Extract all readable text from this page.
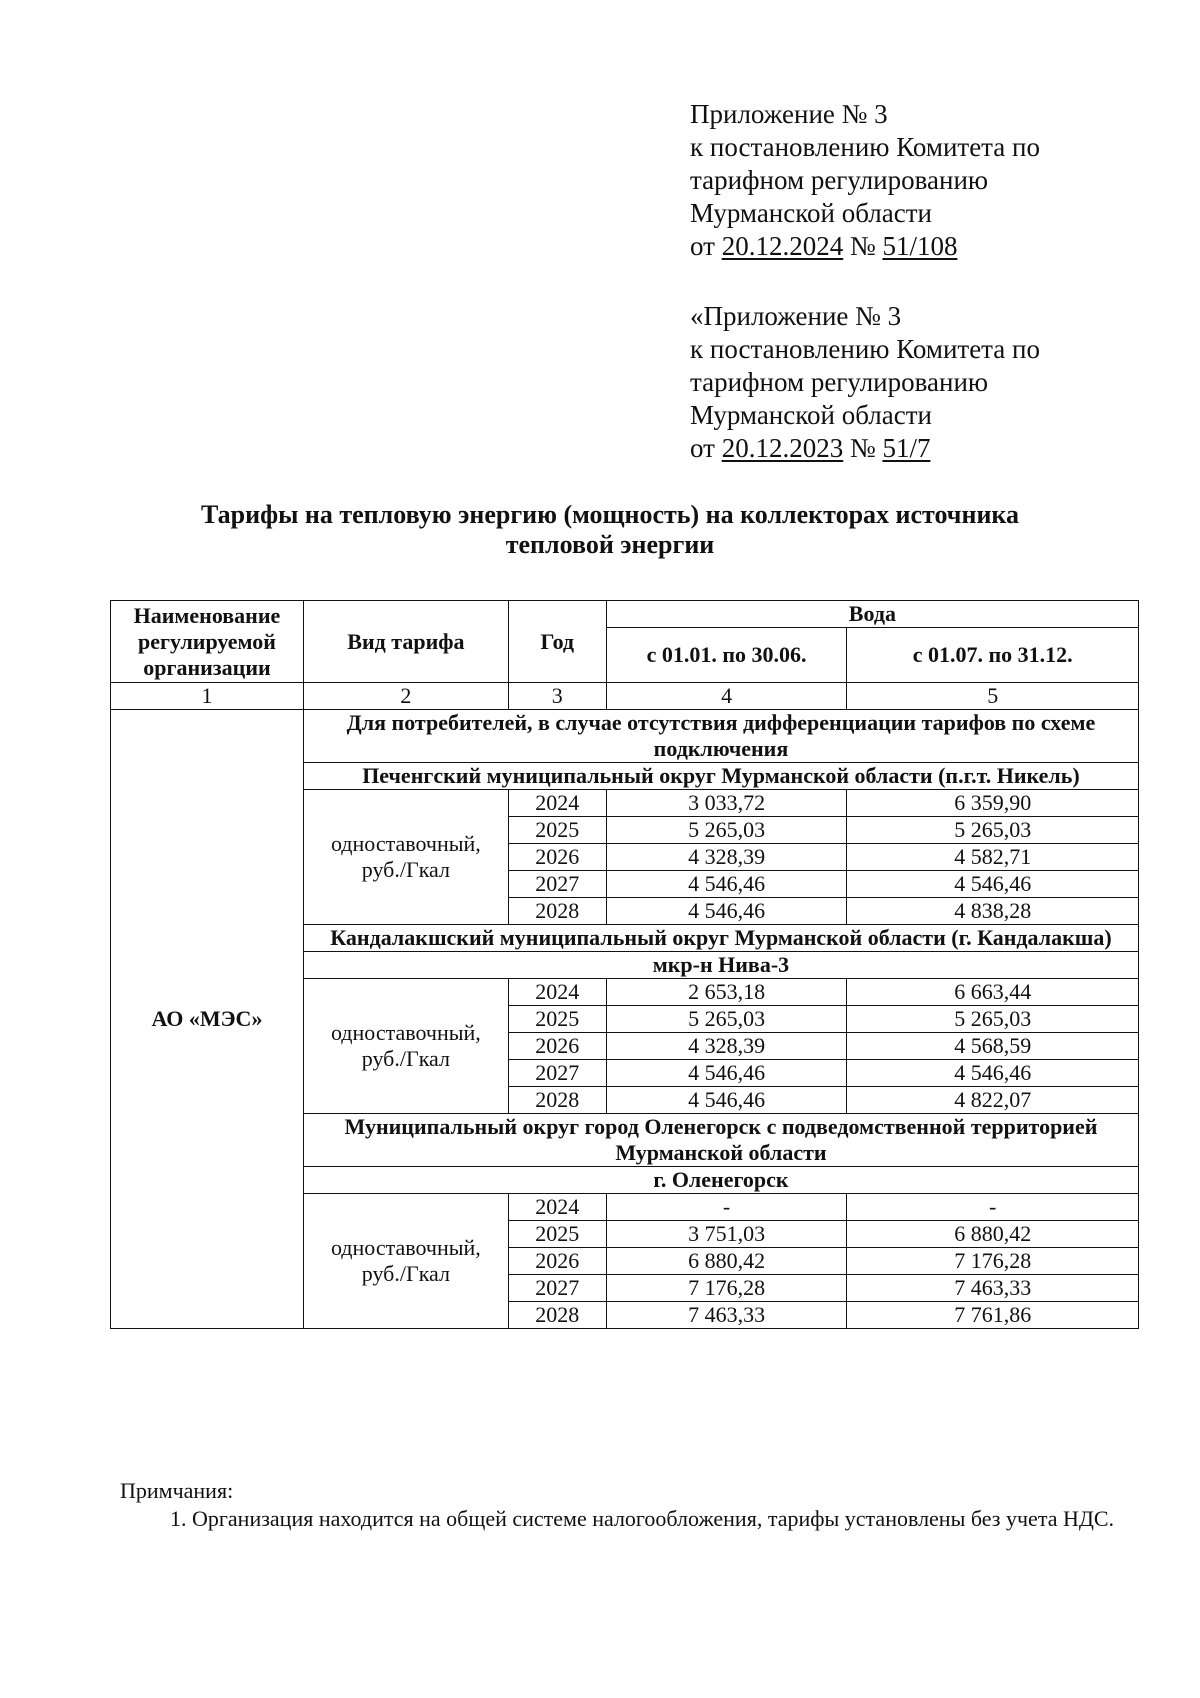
Приложение № 3
к постановлению Комитета по
тарифном регулированию
Мурманской области
от 20.12.2024 № 51/108
«Приложение № 3
к постановлению Комитета по
тарифном регулированию
Мурманской области
от 20.12.2023 № 51/7
Тарифы на тепловую энергию (мощность) на коллекторах источника
тепловой энергии
Наименование регулируемой организации	Вид тарифа	Год	Вода	
			с 01.01. по 30.06.	с 01.07. по 31.12.
1	2	3	4	5
АО «МЭС»	Для потребителей, в случае отсутствия дифференциации тарифов по схеме подключения			
	Печенгский муниципальный округ Мурманской области (п.г.т. Никель)			
	одноставочный, руб./Гкал	2024	3 033,72	6 359,90
		2025	5 265,03	5 265,03
		2026	4 328,39	4 582,71
		2027	4 546,46	4 546,46
		2028	4 546,46	4 838,28
	Кандалакшский муниципальный округ Мурманской области (г. Кандалакша)			
	мкр-н Нива-3			
	одноставочный, руб./Гкал	2024	2 653,18	6 663,44
		2025	5 265,03	5 265,03
		2026	4 328,39	4 568,59
		2027	4 546,46	4 546,46
		2028	4 546,46	4 822,07
	Муниципальный округ город Оленегорск с подведомственной территорией Мурманской области			
	г. Оленегорск			
	одноставочный, руб./Гкал	2024	-	-
		2025	3 751,03	6 880,42
		2026	6 880,42	7 176,28
		2027	7 176,28	7 463,33
		2028	7 463,33	7 761,86
Примчания:
1. Организация находится на общей системе налогообложения, тарифы установлены без учета НДС.
